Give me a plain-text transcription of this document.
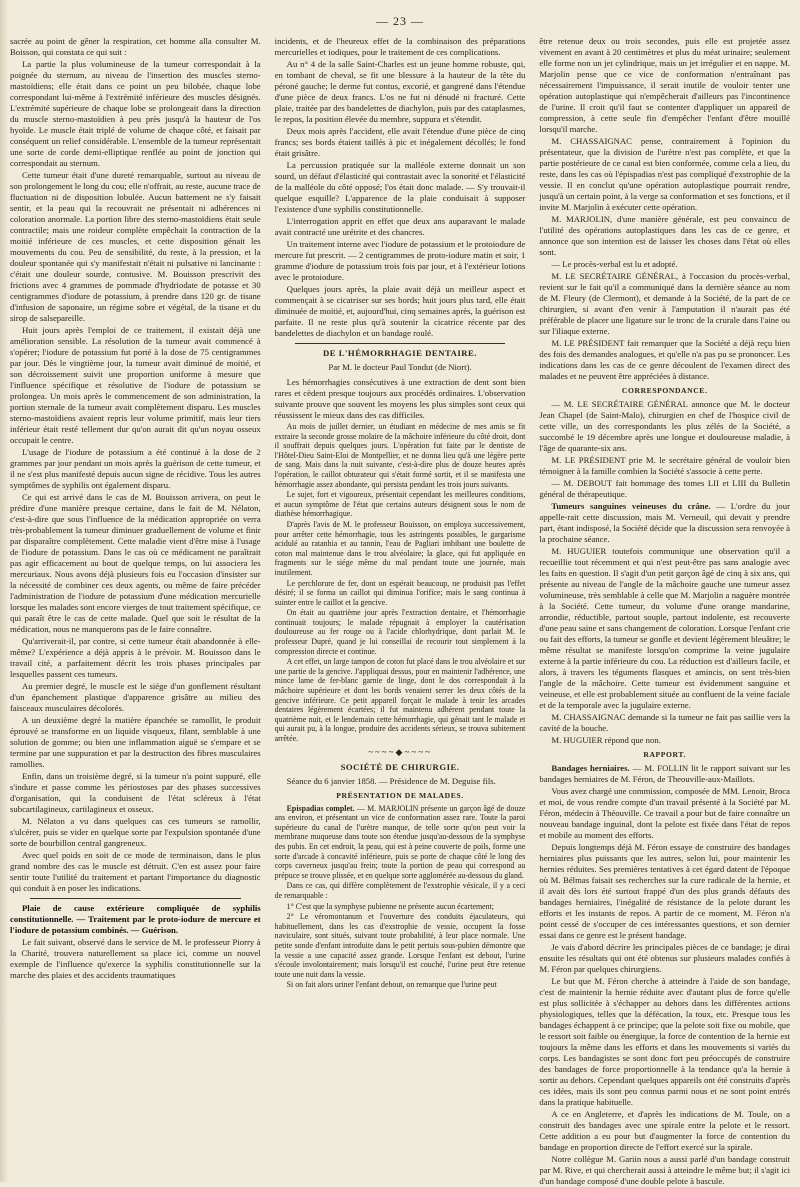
— 23 —

sacrée au point de gêner la respiration, cet homme alla consulter M. Boisson, qui constata ce qui suit :

La partie la plus volumineuse de la tumeur correspondait à la poignée du sternum, au niveau de l'insertion des muscles sterno-mastoïdiens; elle était dans ce point un peu bilobée, chaque lobe correspondant lui-même à l'extrémité inférieure des muscles désignés. L'extrémité supérieure de chaque lobe se prolongeait dans la direction du muscle sterno-mastoïdien à peu près jusqu'à la hauteur de l'os hyoïde. Le muscle était triplé de volume de chaque côté, et faisait par conséquent un relief considérable. L'ensemble de la tumeur représentait une sorte de corde demi-elliptique renflée au point de jonction qui correspondait au sternum.

Cette tumeur était d'une dureté remarquable, surtout au niveau de son prolongement le long du cou; elle n'offrait, au reste, aucune trace de fluctuation ni de disposition lobulée. Aucun battement ne s'y faisait sentir, et la peau qui la recouvrait ne présentait ni adhérences ni coloration anormale. La portion libre des sterno-mastoïdiens était seule contractile; mais une roideur complète empêchait la contraction de la moitié inférieure de ces muscles, et cette disposition génait les mouvements du cou. Peu de sensibilité, du reste, à la pression, et la douleur spontanée qui s'y manifestait n'était ni pulsative ni lancinante : c'était une douleur sourde, contusive. M. Bouisson prescrivit des frictions avec 4 grammes de pommade d'hydriodate de potasse et 30 centigrammes d'iodure de potassium, à prendre dans 120 gr. de tisane d'infusion de saponaire, un régime sobre et végétal, de la tisane et du sirop de salsepareille.

Huit jours après l'emploi de ce traitement, il existait déjà une amélioration sensible. La résolution de la tumeur avait commencé à s'opérer; l'iodure de potassium fut porté à la dose de 75 centigrammes par jour. Dès le vingtième jour, la tumeur avait diminué de moitié, et son décroissement suivit une proportion uniforme à mesure que l'influence spécifique et résolutive de l'iodure de potassium se prolongea. Un mois après le commencement de son administration, la portion sternale de la tumeur avait complètement disparu. Les muscles sterno-mastoïdiens avaient repris leur volume primitif, mais leur tiers inférieur était resté tellement dur qu'on aurait dit qu'un noyau osseux occupait le centre.

L'usage de l'iodure de potassium a été continué à la dose de 2 grammes par jour pendant un mois après la guérison de cette tumeur, et il ne s'est plus manifesté depuis aucun signe de récidive. Tous les autres symptômes de syphilis ont également disparu.

Ce qui est arrivé dans le cas de M. Bouisson arrivera, on peut le prédire d'une manière presque certaine, dans le fait de M. Nélaton, c'est-à-dire que sous l'influence de la médication appropriée on verra très-probablement la tumeur diminuer graduellement de volume et finir par disparaître complètement. Cette maladie vient d'être mise à l'usage de l'iodure de potassium. Dans le cas où ce médicament ne paraîtrait pas agir efficacement au bout de quelque temps, on lui associera les mercuriaux. Nous avons déjà plusieurs fois eu l'occasion d'insister sur la nécessité de combiner ces deux agents, ou même de faire précéder l'administration de l'iodure de potassium d'une médication mercurielle lorsque les malades sont encore vierges de tout traitement spécifique, ce qui paraît être le cas de cette malade. Quel que soit le résultat de la médication, nous ne manquerons pas de le faire connaître.

Qu'arriverait-il, par contre, si cette tumeur était abandonnée à elle-même? L'expérience a déjà appris à le prévoir. M. Bouisson dans le travail cité, a parfaitement décrit les trois phases principales par lesquelles passent ces tumeurs.

Au premier degré, le muscle est le siége d'un gonflement résultant d'un épanchement plastique d'apparence grisâtre au milieu des faisceaux musculaires décolorés.

A un deuxième degré la matière épanchée se ramollit, le produit éprouvé se transforme en un liquide visqueux, filant, semblable à une solution de gomme; ou bien une inflammation aiguë se s'empare et se termine par une suppuration et par la destruction des fibres musculaires ramollies.

Enfin, dans un troisième degré, si la tumeur n'a point suppuré, elle s'indure et passe comme les périostoses par des phases successives d'organisation, qui la conduisent de l'état scléreux à l'état subcartilagineux, cartilagineux et osseux.

M. Nélaton a vu dans quelques cas ces tumeurs se ramollir, s'ulcérer, puis se vider en quelque sorte par l'expulsion spontanée d'une sorte de bourbillon central gangreneux.

Avec quel poids en soit de ce mode de terminaison, dans le plus grand nombre des cas le muscle est détruit. C'en est assez pour faire sentir toute l'utilité du traitement et partant l'importance du diagnostic qui conduit à en poser les indications.

Plaie de cause extérieure compliquée de syphilis constitutionnelle. — Traitement par le proto-iodure de mercure et l'iodure de potassium combinés. — Guérison.

Le fait suivant, observé dans le service de M. le professeur Piorry à la Charité, trouvera naturellement sa place ici, comme un nouvel exemple de l'influence qu'exerce la syphilis constitutionnelle sur la marche des plaies et des accidents traumatiques

incidents, et de l'heureux effet de la combinaison des préparations mercurielles et iodiques, pour le traitement de ces complications.

Au n° 4 de la salle Saint-Charles est un jeune homme robuste, qui, en tombant de cheval, se fit une blessure à la hauteur de la tête du péroné gauche; le derme fut contus, excorié, et gangrené dans l'étendue d'une pièce de deux francs. L'os ne fut ni dénudé ni fracturé. Cette plaie, traitée par des bandelettes de diachylon, puis par des cataplasmes, le repos, la position élevée du membre, suppura et s'étendit.

Deux mois après l'accident, elle avait l'étendue d'une pièce de cinq francs; ses bords étaient taillés à pic et inégalement décollés; le fond était grisâtre.

La percussion pratiquée sur la malléole externe donnait un son sourd, un défaut d'élasticité qui contrastait avec la sonorité et l'élasticité de la malléole du côté opposé; l'os était donc malade. — S'y trouvait-il quelque esquille? L'apparence de la plaie conduisait à supposer l'existence d'une syphilis constitutionnelle.

L'interrogation apprit en effet que deux ans auparavant le malade avait contracté une urétrite et des chancres.

Un traitement interne avec l'iodure de potassium et le protoiodure de mercure fut prescrit. — 2 centigrammes de proto-iodure matin et soir, 1 gramme d'iodure de potassium trois fois par jour, et à l'extérieur lotions avec le protoiodure.

Quelques jours après, la plaie avait déjà un meilleur aspect et commençait à se cicatriser sur ses bords; huit jours plus tard, elle était diminuée de moitié, et, aujourd'hui, cinq semaines après, la guérison est parfaite. Il ne reste plus qu'à soutenir la cicatrice récente par des bandelettes de diachylon et un bandage roulé.

DE L'HÉMORRHAGIE DENTAIRE.

Par M. le docteur Paul Tondut (de Niort).

Les hémorrhagies consécutives à une extraction de dent sont bien rares et cèdent presque toujours aux procédés ordinaires. L'observation suivante prouve que souvent les moyens les plus simples sont ceux qui réussissent le mieux dans des cas difficiles.

Au mois de juillet dernier, un étudiant en médecine de mes amis se fit extraire la seconde grosse molaire de la mâchoire inférieure du côté droit, dont il souffrait depuis quelques jours. L'opération fut faite par le dentiste de l'Hôtel-Dieu Saint-Eloi de Montpellier, et ne donna lieu qu'à une légère perte de sang. Mais dans la nuit suivante, c'est-à-dire plus de douze heures après l'opération, le caillot obturateur qui s'était formé sortit, et il se manifesta une hémorrhagie assez abondante, qui persista pendant les trois jours suivants.

Le sujet, fort et vigoureux, présentait cependant les meilleures conditions, et aucun symptôme de l'état que certains auteurs désignent sous le nom de diathèse hémorrhagique.

D'après l'avis de M. le professeur Bouisson, on employa successivement, pour arrêter cette hémorrhagie, tous les astringents possibles, le gargarisme acidulé au ratanhia et au tannin, l'eau de Pagliari imbibant une boulette de coton mal maintenue dans le trou alvéolaire; la glace, qui fut appliquée en fragments sur le siége même du mal pendant toute une journée, mais inutilement.

Le perchlorure de fer, dont on espérait beaucoup, ne produisit pas l'effet désiré; il se forma un caillot qui diminua l'orifice; mais le sang continua à suinter entre le caillot et la gencive.

On était au quatrième jour après l'extraction dentaire, et l'hémorrhagie continuait toujours; le malade répugnait à employer la cautérisation douloureuse au fer rouge ou à l'acide chlorhydrique, dont parlait M. le professeur Dupré, quand je lui conseillai de recourir tout simplement à la compression directe et continue.

A cet effet, un large tampon de coton fut placé dans le trou alvéolaire et sur une partie de la gencive. J'appliquai dessus, pour en maintenir l'adhérence, une mince lame de fer-blanc garnie de linge, dont le dos correspondait à la mâchoire supérieure et dont les bords venaient serrer les deux côtés de la gencive inférieure. Ce petit appareil forçait le malade à tenir les arcades dentaires légèrement écartées; il fut maintenu adhérent pendant toute la quatrième nuit, et le lendemain cette hémorrhagie, qui génait tant le malade et qui aurait pu, à la longue, produire des accidents sérieux, se trouva subitement arrêtée.

~~~~◆~~~~
SOCIÉTÉ DE CHIRURGIE.

Séance du 6 janvier 1858. — Présidence de M. Deguise fils.

PRÉSENTATION DE MALADES.

Epispadias complet. — M. MARJOLIN présente un garçon âgé de douze ans environ, et présentant un vice de conformation assez rare. Toute la paroi supérieure du canal de l'urètre manque, de telle sorte qu'on peut voir la membrane muqueuse dans toute son étendue jusqu'au-dessous de la symphyse des pubis. En cet endroit, la peau, qui est à peine couverte de poils, forme une sorte d'arcade à concavité inférieure, puis se porte de chaque côté le long des corps caverneux jusqu'au frein; toute la portion de peau qui correspond au prépuce se trouve plissée, et en quelque sorte agglomérée au-dessous du gland.

Dans ce cas, qui diffère complètement de l'exstrophie vésicale, il y a ceci de remarquable :

1° C'est que la symphyse pubienne ne présente aucun écartement;

2° Le véromontanum et l'ouverture des conduits éjaculateurs, qui habituellement, dans les cas d'exstrophie de vessie, occupent la fosse naviculaire, sont situés, suivant toute probabilité, à leur place normale. Une petite sonde d'enfant introduite dans le petit pertuis sous-pubien démontre que la vessie a une capacité assez grande. Lorsque l'enfant est debout, l'urine s'écoule involontairement; mais lorsqu'il est couché, l'urine peut être retenue toute une nuit dans la vessie.

Si on fait alors uriner l'enfant debout, on remarque que l'urine peut

être retenue deux ou trois secondes, puis elle est projetée assez vivement en avant à 20 centimètres et plus du méat urinaire; seulement elle forme non un jet cylindrique, mais un jet irrégulier et en nappe. M. Marjolin pense que ce vice de conformation n'entraînant pas nécessairement l'impuissance, il serait inutile de vouloir tenter une opération autoplastique qui n'empêcherait d'ailleurs pas l'incontinence de l'urine. Il croit qu'il faut se contenter d'appliquer un appareil de compression, à cette seule fin d'empêcher l'enfant d'être mouillé lorsqu'il marche.

M. CHASSAIGNAC pense, contrairement à l'opinion du présentateur, que la division de l'urètre n'est pas complète, et que la partie postérieure de ce canal est bien conformée, comme cela a lieu, du reste, dans les cas où l'épispadias n'est pas compliqué d'exstrophie de la vessie. Il en conclut qu'une opération autoplastique pourrait rendre, jusqu'à un certain point, à la verge sa conformation et ses fonctions, et il invite M. Marjolin à exécuter cette opération.

M. MARJOLIN, d'une manière générale, est peu convaincu de l'utilité des opérations autoplastiques dans les cas de ce genre, et annonce que son intention est de laisser les choses dans l'état où elles sont.

— Le procès-verbal est lu et adopté.

M. LE SECRÉTAIRE GÉNÉRAL, à l'occasion du procès-verbal, revient sur le fait qu'il a communiqué dans la dernière séance au nom de M. Fleury (de Clermont), et demande à la Société, de la part de ce chirurgien, si avant d'en venir à l'amputation il n'aurait pas été préférable de placer une ligature sur le tronc de la crurale dans l'aine ou sur l'iliaque externe.

M. LE PRÉSIDENT fait remarquer que la Société a déjà reçu bien des fois des demandes analogues, et qu'elle n'a pas pu se prononcer. Les indications dans les cas de ce genre découlent de l'examen direct des malades et ne peuvent être appréciées à distance.

CORRESPONDANCE.

— M. LE SECRÉTAIRE GÉNÉRAL annonce que M. le docteur Jean Chapel (de Saint-Malo), chirurgien en chef de l'hospice civil de cette ville, un des correspondants les plus zélés de la Société, a succombé le 19 décembre après une longue et douloureuse maladie, à l'âge de quarante-six ans.

M. LE PRÉSIDENT prie M. le secrétaire général de vouloir bien témoigner à la famille combien la Société s'associe à cette perte.

— M. DEBOUT fait hommage des tomes LII et LIII du Bulletin général de thérapeutique.

Tumeurs sanguines veineuses du crâne. — L'ordre du jour appelle-rait cette discussion, mais M. Verneuil, qui devait y prendre part, étant indisposé, la Société décide que la discussion sera renvoyée à la prochaine séance.

M. HUGUIER toutefois communique une observation qu'il a recueillie tout récemment et qui n'est peut-être pas sans analogie avec les faits en question. Il s'agit d'un petit garçon âgé de cinq à six ans, qui présente au niveau de l'angle de la mâchoire gauche une tumeur assez volumineuse, très semblable à celle que M. Marjolin a naguère montrée à la Société. Cette tumeur, du volume d'une orange mandarine, arrondie, réductible, partout souple, partout indolente, est recouverte d'une peau saine et sans changement de coloration. Lorsque l'enfant crie ou fait des efforts, la tumeur se gonfle et devient légèrement bleuâtre; le même résultat se manifeste lorsqu'on comprime la veine jugulaire externe à la partie inférieure du cou. La réduction est d'ailleurs facile, et alors, à travers les téguments flasques et amincis, on sent très-bien l'angle de la mâchoire. Cette tumeur est évidemment sanguine et veineuse, et elle est probablement située au confluent de la veine faciale et de la temporale avec la jugulaire externe.

M. CHASSAIGNAC demande si la tumeur ne fait pas saillie vers la cavité de la bouche.

M. HUGUIER répond que non.

RAPPORT.

Bandages herniaires. — M. FOLLIN lit le rapport suivant sur les bandages herniaires de M. Féron, de Theouville-aux-Maillots.

Vous avez chargé une commission, composée de MM. Lenoir, Broca et moi, de vous rendre compte d'un travail présenté à la Société par M. Féron, médecin à Théouville. Ce travail a pour but de faire connaître un nouveau bandage inguinal, dont la pelote est fixée dans l'état de repos et mobile au moment des efforts.

Depuis longtemps déjà M. Féron essaye de construire des bandages herniaires plus puissants que les autres, selon lui, pour maintenir les hernies réduites. Ses premières tentatives à cet égard datent de l'époque où M. Bélmas faisait ses recherches sur la cure radicale de la hernie, et il avait dès lors été surtout frappé d'un des plus grands défauts des bandages herniaires, l'inégalité de résistance de la pelote durant les efforts et les instants de repos. A partir de ce moment, M. Féron n'a point cessé de s'occuper de ces intéressantes questions, et son dernier essai dans ce genre est le présent bandage.

Je vais d'abord décrire les principales pièces de ce bandage; je dirai ensuite les résultats qui ont été obtenus sur plusieurs malades confiés à M. Féron par quelques chirurgiens.

Le but que M. Féron cherche à atteindre à l'aide de son bandage, c'est de maintenir la hernie réduite avec d'autant plus de force qu'elle est plus sollicitée à s'échapper au dehors dans les différentes actions physiologiques, telles que la défécation, la toux, etc. Presque tous les bandages échappent à ce principe; que la pelote soit fixe ou mobile, que le ressort soit faible ou énergique, la force de contention de la hernie est toujours la même dans les efforts et dans les mouvements si variés du corps. Les bandagistes se sont donc fort peu préoccupés de construire des bandages de force proportionnelle à la tendance qu'a la hernie à sortir au dehors. Cependant quelques appareils ont été construits d'après ces idées, mais ils sont peu connus parmi nous et ne sont point entrés dans la pratique habituelle.

A ce en Angleterre, et d'après les indications de M. Toule, on a construit des bandages avec une spirale entre la pelote et le ressort. Cette addition a eu pour but d'augmenter la force de contention du bandage en proportion directe de l'effort exercé sur la spirale.

Notre collègue M. Gariin nous a aussi parlé d'un bandage construit par M. Rive, et qui chercherait aussi à atteindre le même but; il s'agit ici d'un bandage composé d'une double pelote à bascule.
